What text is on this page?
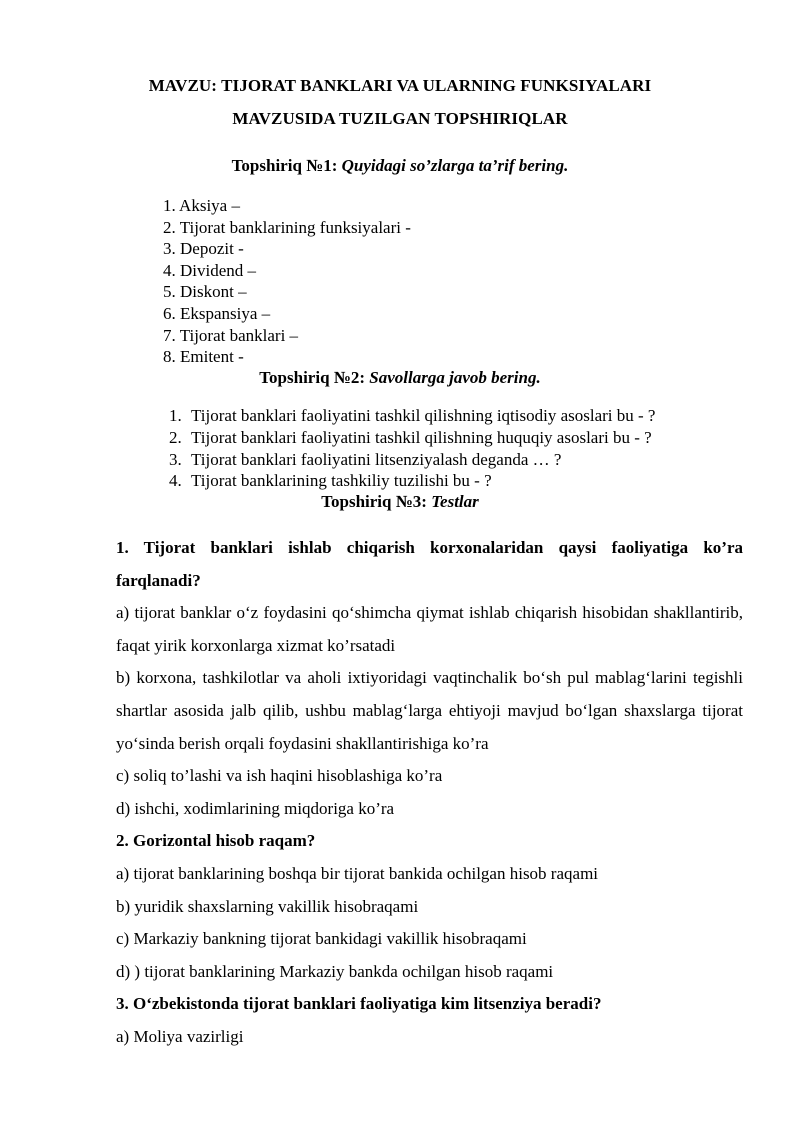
MAVZU: TIJORAT BANKLARI VA ULARNING FUNKSIYALARI
MAVZUSIDA TUZILGAN TOPSHIRIQLAR
Topshiriq №1: Quyidagi so’zlarga ta’rif bering.
1. Aksiya –
2. Tijorat banklarining funksiyalari -
3. Depozit -
4. Dividend –
5. Diskont –
6. Ekspansiya –
7. Tijorat banklari –
8. Emitent -
Topshiriq №2: Savollarga javob bering.
1. Tijorat banklari faoliyatini tashkil qilishning iqtisodiy asoslari bu - ?
2. Tijorat banklari faoliyatini tashkil qilishning huquqiy asoslari bu - ?
3. Tijorat banklari faoliyatini litsenziyalash deganda … ?
4. Tijorat banklarining tashkiliy tuzilishi bu - ?
Topshiriq №3: Testlar

1. Tijorat banklari ishlab chiqarish korxonalaridan qaysi faoliyatiga ko’ra farqlanadi?

a) tijorat banklar o‘z foydasini qo‘shimcha qiymat ishlab chiqarish hisobidan shakllantirib, faqat yirik korxonlarga xizmat ko’rsatadi

b) korxona, tashkilotlar va aholi ixtiyoridagi vaqtinchalik bo‘sh pul mablag‘larini tegishli shartlar asosida jalb qilib, ushbu mablag‘larga ehtiyoji mavjud bo‘lgan shaxslarga tijorat yo‘sinda berish orqali foydasini shakllantirishiga ko’ra

c) soliq to’lashi va ish haqini hisoblashiga ko’ra

d) ishchi, xodimlarining miqdoriga ko’ra

2. Gorizontal hisob raqam?

a) tijorat banklarining boshqa bir tijorat bankida ochilgan hisob raqami

b) yuridik shaxslarning vakillik hisobraqami

c) Markaziy bankning tijorat bankidagi vakillik hisobraqami

d) ) tijorat banklarining Markaziy bankda ochilgan hisob raqami

3. O‘zbekistonda tijorat banklari faoliyatiga kim litsenziya beradi?

a) Moliya vazirligi
